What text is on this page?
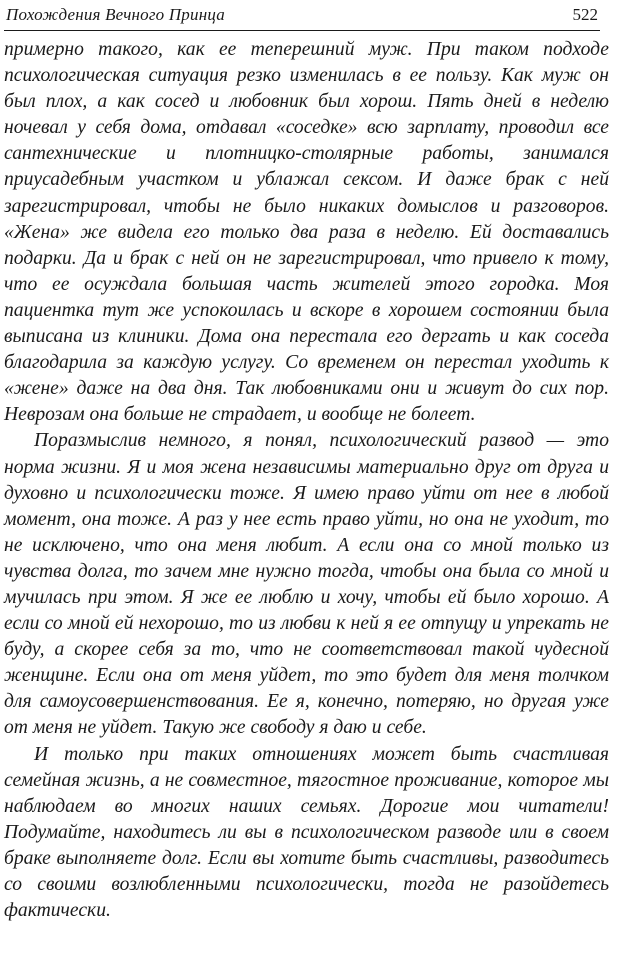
Похождения Вечного Принца	522

примерно такого, как ее теперешний муж. При таком подходе психологическая ситуация резко изменилась в ее пользу. Как муж он был плох, а как сосед и любовник был хорош. Пять дней в неделю ночевал у себя дома, отдавал «соседке» всю зарплату, проводил все сантехнические и плотницко-столярные работы, занимался приусадебным участком и ублажал сексом. И даже брак с ней зарегистрировал, чтобы не было никаких домыслов и разговоров. «Жена» же видела его только два раза в неделю. Ей доставались подарки. Да и брак с ней он не зарегистрировал, что привело к тому, что ее осуждала большая часть жителей этого городка. Моя пациентка тут же успокоилась и вскоре в хорошем состоянии была выписана из клиники. Дома она перестала его дергать и как соседа благодарила за каждую услугу. Со временем он перестал уходить к «жене» даже на два дня. Так любовниками они и живут до сих пор. Неврозам она больше не страдает, и вообще не болеет.

Поразмыслив немного, я понял, психологический развод — это норма жизни. Я и моя жена независимы материально друг от друга и духовно и психологически тоже. Я имею право уйти от нее в любой момент, она тоже. А раз у нее есть право уйти, но она не уходит, то не исключено, что она меня любит. А если она со мной только из чувства долга, то зачем мне нужно тогда, чтобы она была со мной и мучилась при этом. Я же ее люблю и хочу, чтобы ей было хорошо. А если со мной ей нехорошо, то из любви к ней я ее отпущу и упрекать не буду, а скорее себя за то, что не соответствовал такой чудесной женщине. Если она от меня уйдет, то это будет для меня толчком для самоусовершенствования. Ее я, конечно, потеряю, но другая уже от меня не уйдет. Такую же свободу я даю и себе.

И только при таких отношениях может быть счастливая семейная жизнь, а не совместное, тягостное проживание, которое мы наблюдаем во многих наших семьях. Дорогие мои читатели! Подумайте, находитесь ли вы в психологическом разводе или в своем браке выполняете долг. Если вы хотите быть счастливы, разводитесь со своими возлюбленными психологически, тогда не разойдетесь фактически.
